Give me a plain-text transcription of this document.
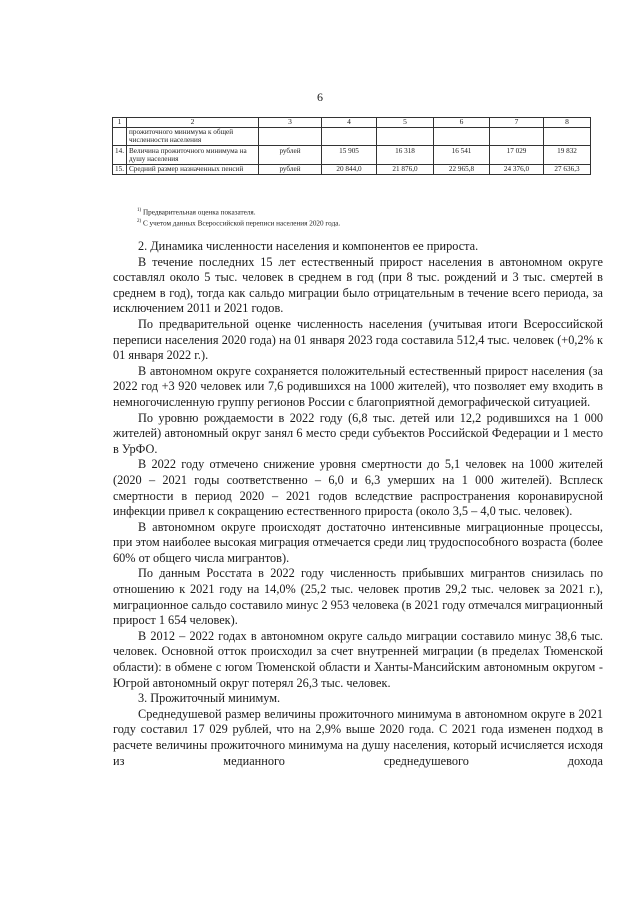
6
1	2	3	4	5	6	7	8
	прожиточного минимума к общей численности населения						
14.	Величина прожиточного минимума на душу населения	рублей	15 905	16 318	16 541	17 029	19 832
15.	Средний размер назначенных пенсий	рублей	20 844,0	21 876,0	22 965,8	24 376,0	27 636,3
$^{1)}$ Предварительная оценка показателя.
$^{2)}$ С учетом данных Всероссийской переписи населения 2020 года.

2. Динамика численности населения и компонентов ее прироста.

В течение последних 15 лет естественный прирост населения в автономном округе составлял около 5 тыс. человек в среднем в год (при 8 тыс. рождений и 3 тыс. смертей в среднем в год), тогда как сальдо миграции было отрицательным в течение всего периода, за исключением 2011 и 2021 годов.

По предварительной оценке численность населения (учитывая итоги Всероссийской переписи населения 2020 года) на 01 января 2023 года составила 512,4 тыс. человек (+0,2% к 01 января 2022 г.).

В автономном округе сохраняется положительный естественный прирост населения (за 2022 год +3 920 человек или 7,6 родившихся на 1000 жителей), что позволяет ему входить в немногочисленную группу регионов России с благоприятной демографической ситуацией.

По уровню рождаемости в 2022 году (6,8 тыс. детей или 12,2 родившихся на 1 000 жителей) автономный округ занял 6 место среди субъектов Российской Федерации и 1 место в УрФО.

В 2022 году отмечено снижение уровня смертности до 5,1 человек на 1000 жителей (2020 – 2021 годы соответственно – 6,0 и 6,3 умерших на 1 000 жителей). Всплеск смертности в период 2020 – 2021 годов вследствие распространения коронавирусной инфекции привел к сокращению естественного прироста (около 3,5 – 4,0 тыс. человек).

В автономном округе происходят достаточно интенсивные миграционные процессы, при этом наиболее высокая миграция отмечается среди лиц трудоспособного возраста (более 60% от общего числа мигрантов).

По данным Росстата в 2022 году численность прибывших мигрантов снизилась по отношению к 2021 году на 14,0% (25,2 тыс. человек против 29,2 тыс. человек за 2021 г.), миграционное сальдо составило минус 2 953 человека (в 2021 году отмечался миграционный прирост 1 654 человек).

В 2012 – 2022 годах в автономном округе сальдо миграции составило минус 38,6 тыс. человек. Основной отток происходил за счет внутренней миграции (в пределах Тюменской области): в обмене с югом Тюменской области и Ханты-Мансийским автономным округом - Югрой автономный округ потерял 26,3 тыс. человек.

3. Прожиточный минимум.

Среднедушевой размер величины прожиточного минимума в автономном округе в 2021 году составил 17 029 рублей, что на 2,9% выше 2020 года. С 2021 года изменен подход в расчете величины прожиточного минимума на душу населения, который исчисляется исходя из медианного среднедушевого дохода
